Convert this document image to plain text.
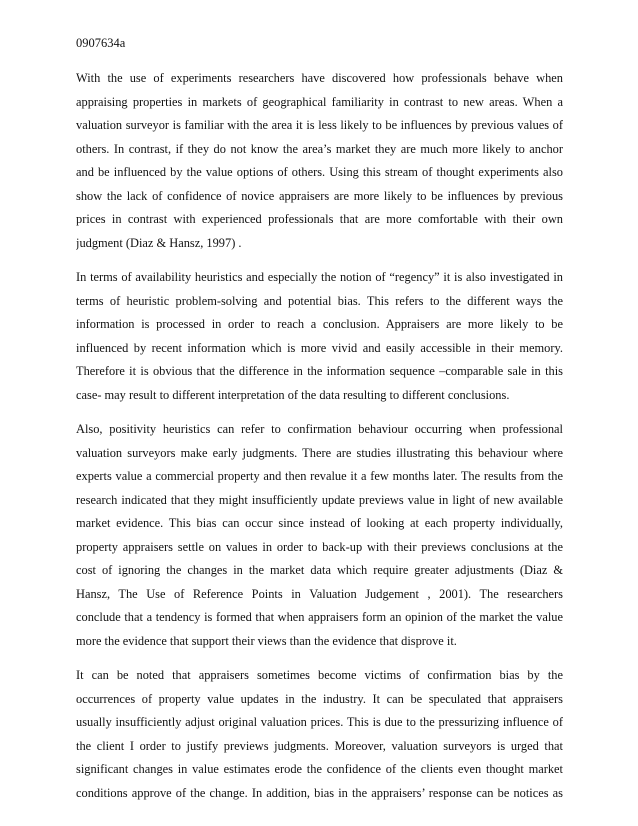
0907634a
With the use of experiments researchers have discovered how professionals behave when
appraising properties in markets of geographical familiarity in contrast to new areas. When a
valuation surveyor is familiar with the area it is less likely to be influences by previous values of
others. In contrast, if they do not know the area’s market they are much more likely to anchor
and be influenced by the value options of others. Using this stream of thought experiments also
show the lack of confidence of novice appraisers are more likely to be influences by previous
prices in contrast with experienced professionals that are more comfortable with their own
judgment (Diaz & Hansz, 1997) .
In terms of availability heuristics and especially the notion of “regency” it is also investigated in
terms of heuristic problem-solving and potential bias. This refers to the different ways the
information is processed in order to reach a conclusion. Appraisers are more likely to be
influenced by recent information which is more vivid and easily accessible in their memory.
Therefore it is obvious that the difference in the information sequence –comparable sale in this
case- may result to different interpretation of the data resulting to different conclusions.
Also, positivity heuristics can refer to confirmation behaviour occurring when professional
valuation surveyors make early judgments. There are studies illustrating this behaviour where
experts value a commercial property and then revalue it a few months later. The results from the
research indicated that they might insufficiently update previews value in light of new available
market evidence. This bias can occur since instead of looking at each property individually,
property appraisers settle on values in order to back-up with their previews conclusions at the
cost of ignoring the changes in the market data which require greater adjustments (Diaz &
Hansz, The Use of Reference Points in Valuation Judgement , 2001). The researchers
conclude that a tendency is formed that when appraisers form an opinion of the market the value
more the evidence that support their views than the evidence that disprove it.
It can be noted that appraisers sometimes become victims of confirmation bias by the
occurrences of property value updates in the industry. It can be speculated that appraisers
usually insufficiently adjust original valuation prices. This is due to the pressurizing influence of
the client I order to justify previews judgments. Moreover, valuation surveyors is urged that
significant changes in value estimates erode the confidence of the clients even thought market
conditions approve of the change. In addition, bias in the appraisers’ response can be notices as
